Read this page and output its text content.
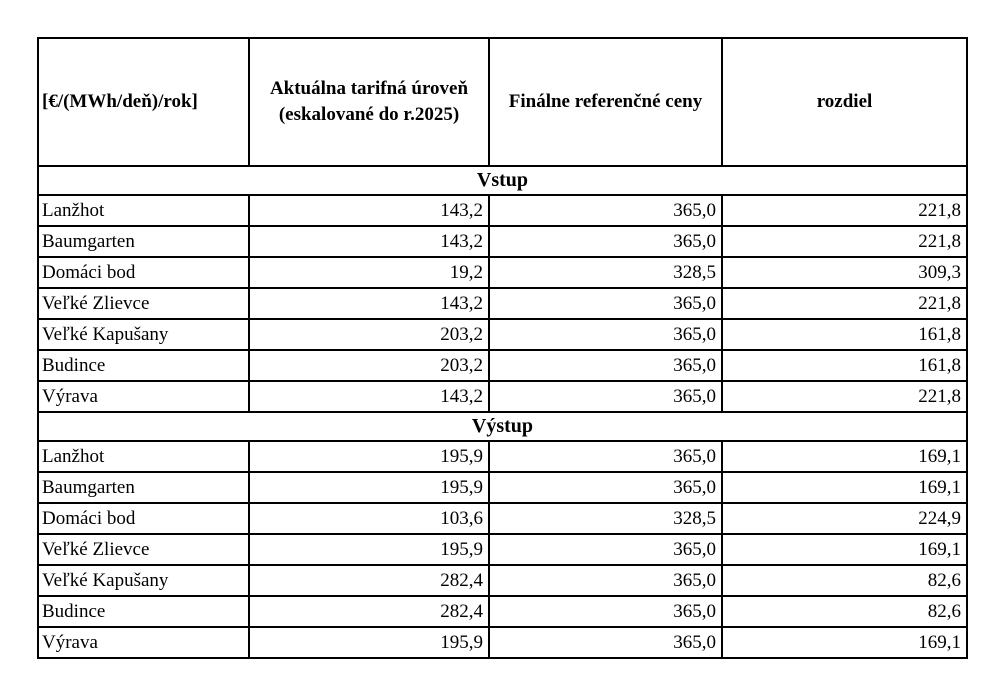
[€/(MWh/deň)/rok]	Aktuálna tarifná úroveň (eskalované do r.2025)	Finálne referenčné ceny	rozdiel
Vstup			
Lanžhot	143,2	365,0	221,8
Baumgarten	143,2	365,0	221,8
Domáci bod	19,2	328,5	309,3
Veľké Zlievce	143,2	365,0	221,8
Veľké Kapušany	203,2	365,0	161,8
Budince	203,2	365,0	161,8
Výrava	143,2	365,0	221,8
Výstup			
Lanžhot	195,9	365,0	169,1
Baumgarten	195,9	365,0	169,1
Domáci bod	103,6	328,5	224,9
Veľké Zlievce	195,9	365,0	169,1
Veľké Kapušany	282,4	365,0	82,6
Budince	282,4	365,0	82,6
Výrava	195,9	365,0	169,1
